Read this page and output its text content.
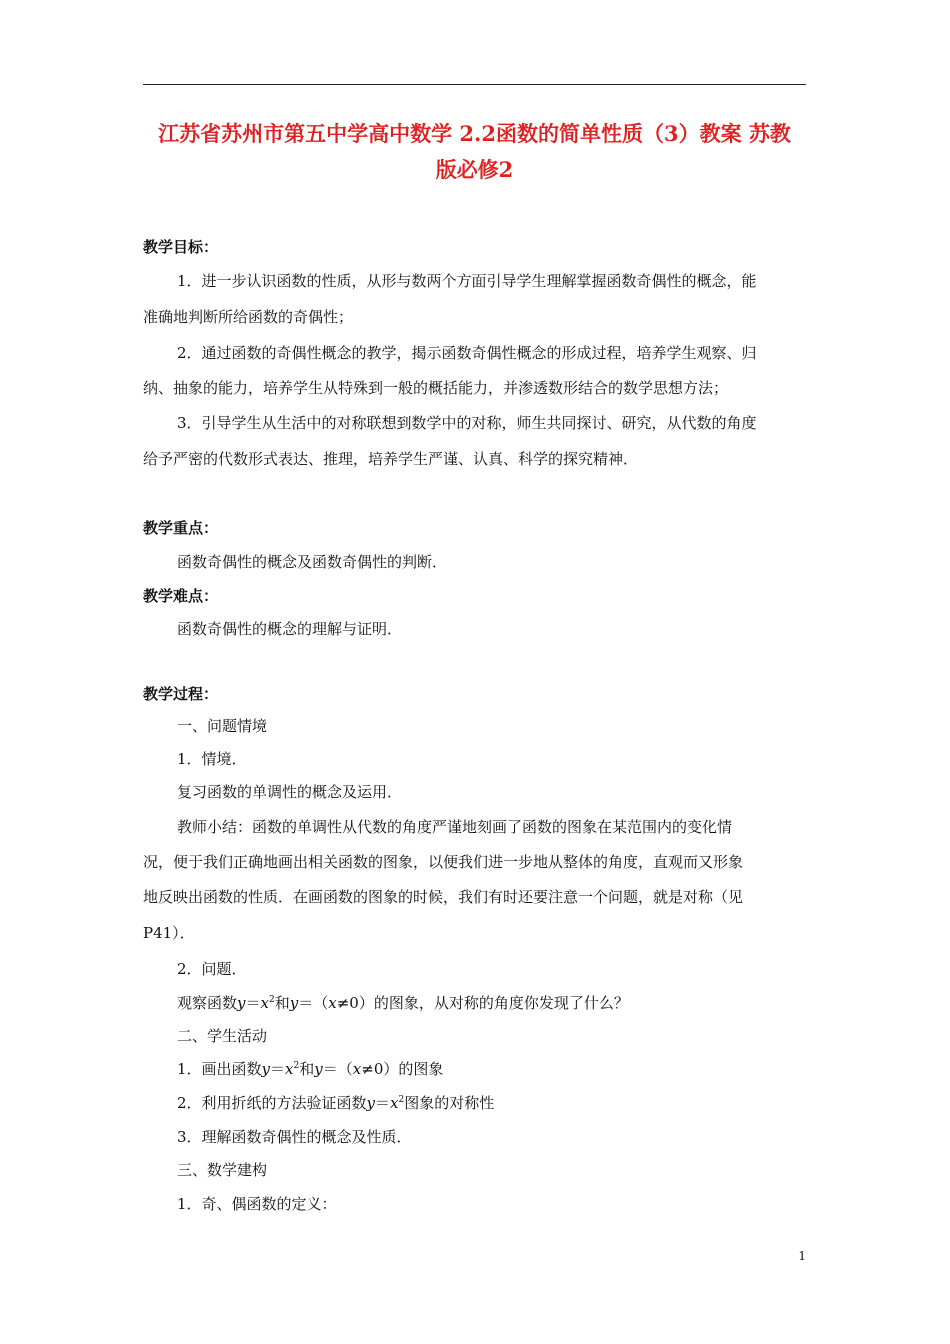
江苏省苏州市第五中学高中数学 2.2函数的简单性质（3）教案 苏教
版必修2

教学目标：

1．进一步认识函数的性质，从形与数两个方面引导学生理解掌握函数奇偶性的概念，能

准确地判断所给函数的奇偶性；

2．通过函数的奇偶性概念的教学，揭示函数奇偶性概念的形成过程，培养学生观察、归

纳、抽象的能力，培养学生从特殊到一般的概括能力，并渗透数形结合的数学思想方法；

3．引导学生从生活中的对称联想到数学中的对称，师生共同探讨、研究，从代数的角度

给予严密的代数形式表达、推理，培养学生严谨、认真、科学的探究精神．

教学重点：

函数奇偶性的概念及函数奇偶性的判断．

教学难点：

函数奇偶性的概念的理解与证明．

教学过程：

一、问题情境

1．情境．

复习函数的单调性的概念及运用．

教师小结：函数的单调性从代数的角度严谨地刻画了函数的图象在某范围内的变化情

况，便于我们正确地画出相关函数的图象，以便我们进一步地从整体的角度，直观而又形象

地反映出函数的性质．在画函数的图象的时候，我们有时还要注意一个问题，就是对称（见

P41）．

2．问题．

观察函数$y=x^2$和y＝（x≠0）的图象，从对称的角度你发现了什么？

二、学生活动

1．画出函数$y=x^2$和y＝（x≠0）的图象

2．利用折纸的方法验证函数$y=x^2$图象的对称性

3．理解函数奇偶性的概念及性质．

三、数学建构

1．奇、偶函数的定义：

1
